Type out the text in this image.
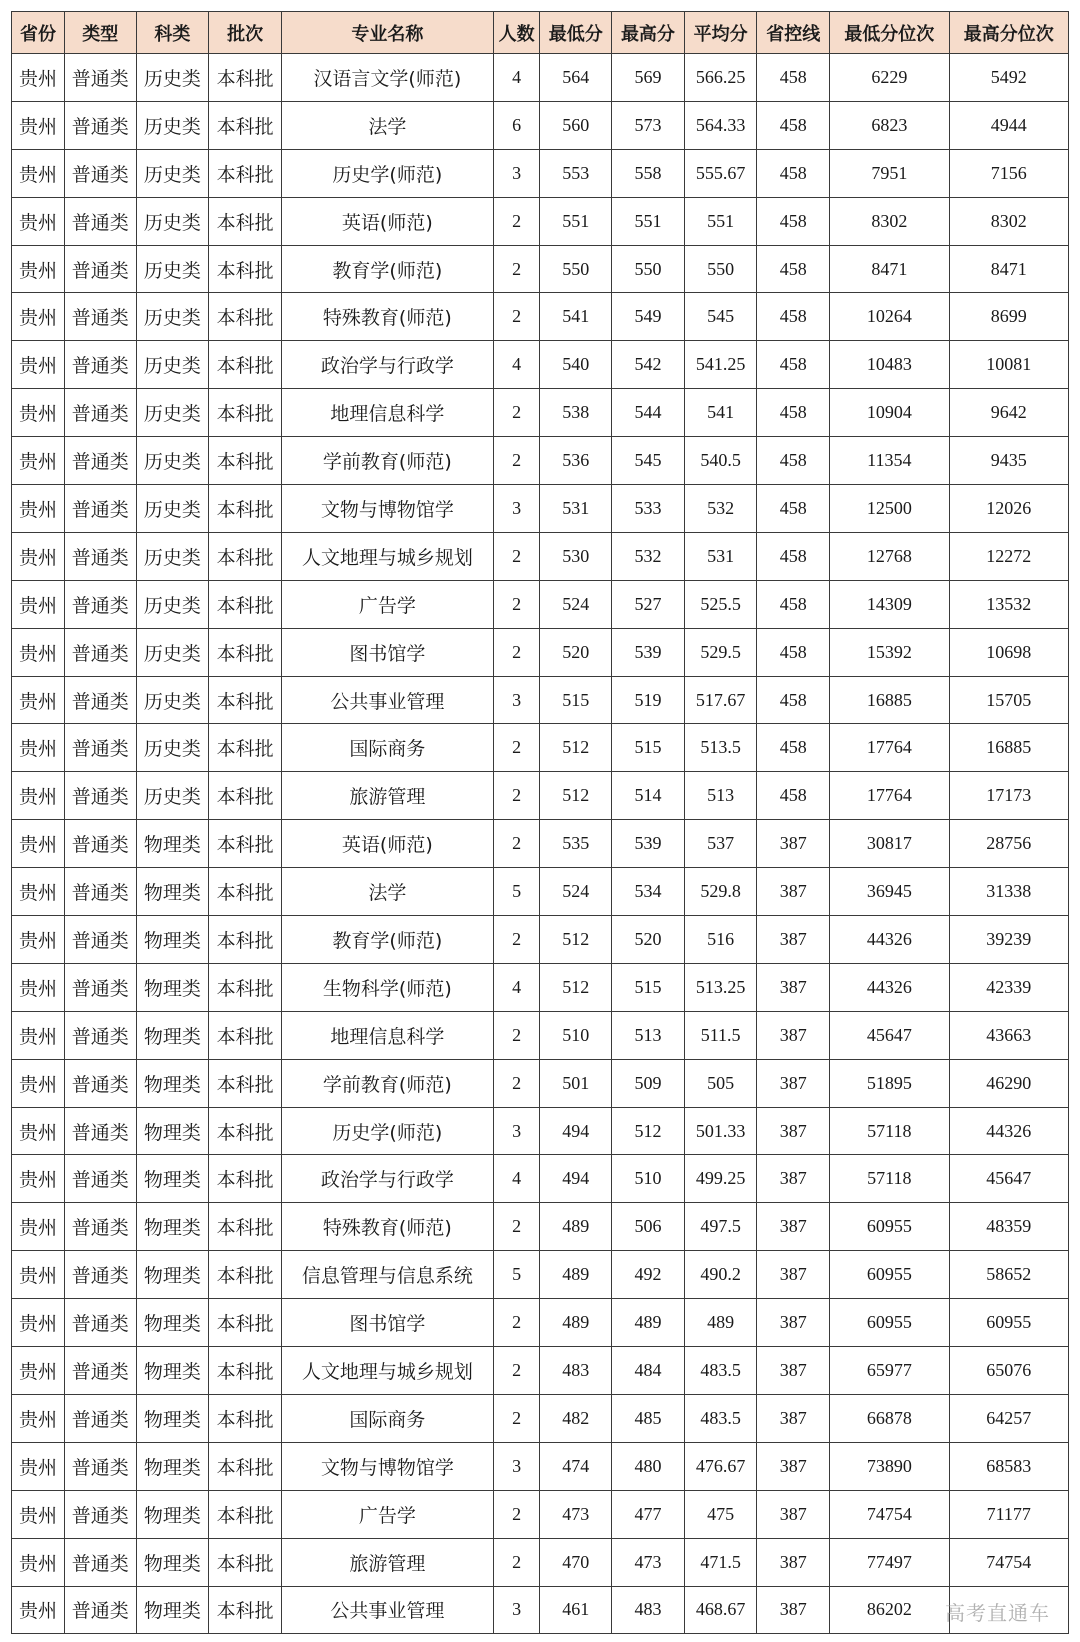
省份	类型	科类	批次	专业名称	人数	最低分	最高分	平均分	省控线	最低分位次	最高分位次
贵州	普通类	历史类	本科批	汉语言文学(师范)	4	564	569	566.25	458	6229	5492
贵州	普通类	历史类	本科批	法学	6	560	573	564.33	458	6823	4944
贵州	普通类	历史类	本科批	历史学(师范)	3	553	558	555.67	458	7951	7156
贵州	普通类	历史类	本科批	英语(师范)	2	551	551	551	458	8302	8302
贵州	普通类	历史类	本科批	教育学(师范)	2	550	550	550	458	8471	8471
贵州	普通类	历史类	本科批	特殊教育(师范)	2	541	549	545	458	10264	8699
贵州	普通类	历史类	本科批	政治学与行政学	4	540	542	541.25	458	10483	10081
贵州	普通类	历史类	本科批	地理信息科学	2	538	544	541	458	10904	9642
贵州	普通类	历史类	本科批	学前教育(师范)	2	536	545	540.5	458	11354	9435
贵州	普通类	历史类	本科批	文物与博物馆学	3	531	533	532	458	12500	12026
贵州	普通类	历史类	本科批	人文地理与城乡规划	2	530	532	531	458	12768	12272
贵州	普通类	历史类	本科批	广告学	2	524	527	525.5	458	14309	13532
贵州	普通类	历史类	本科批	图书馆学	2	520	539	529.5	458	15392	10698
贵州	普通类	历史类	本科批	公共事业管理	3	515	519	517.67	458	16885	15705
贵州	普通类	历史类	本科批	国际商务	2	512	515	513.5	458	17764	16885
贵州	普通类	历史类	本科批	旅游管理	2	512	514	513	458	17764	17173
贵州	普通类	物理类	本科批	英语(师范)	2	535	539	537	387	30817	28756
贵州	普通类	物理类	本科批	法学	5	524	534	529.8	387	36945	31338
贵州	普通类	物理类	本科批	教育学(师范)	2	512	520	516	387	44326	39239
贵州	普通类	物理类	本科批	生物科学(师范)	4	512	515	513.25	387	44326	42339
贵州	普通类	物理类	本科批	地理信息科学	2	510	513	511.5	387	45647	43663
贵州	普通类	物理类	本科批	学前教育(师范)	2	501	509	505	387	51895	46290
贵州	普通类	物理类	本科批	历史学(师范)	3	494	512	501.33	387	57118	44326
贵州	普通类	物理类	本科批	政治学与行政学	4	494	510	499.25	387	57118	45647
贵州	普通类	物理类	本科批	特殊教育(师范)	2	489	506	497.5	387	60955	48359
贵州	普通类	物理类	本科批	信息管理与信息系统	5	489	492	490.2	387	60955	58652
贵州	普通类	物理类	本科批	图书馆学	2	489	489	489	387	60955	60955
贵州	普通类	物理类	本科批	人文地理与城乡规划	2	483	484	483.5	387	65977	65076
贵州	普通类	物理类	本科批	国际商务	2	482	485	483.5	387	66878	64257
贵州	普通类	物理类	本科批	文物与博物馆学	3	474	480	476.67	387	73890	68583
贵州	普通类	物理类	本科批	广告学	2	473	477	475	387	74754	71177
贵州	普通类	物理类	本科批	旅游管理	2	470	473	471.5	387	77497	74754
贵州	普通类	物理类	本科批	公共事业管理	3	461	483	468.67	387	86202	高考直通车
